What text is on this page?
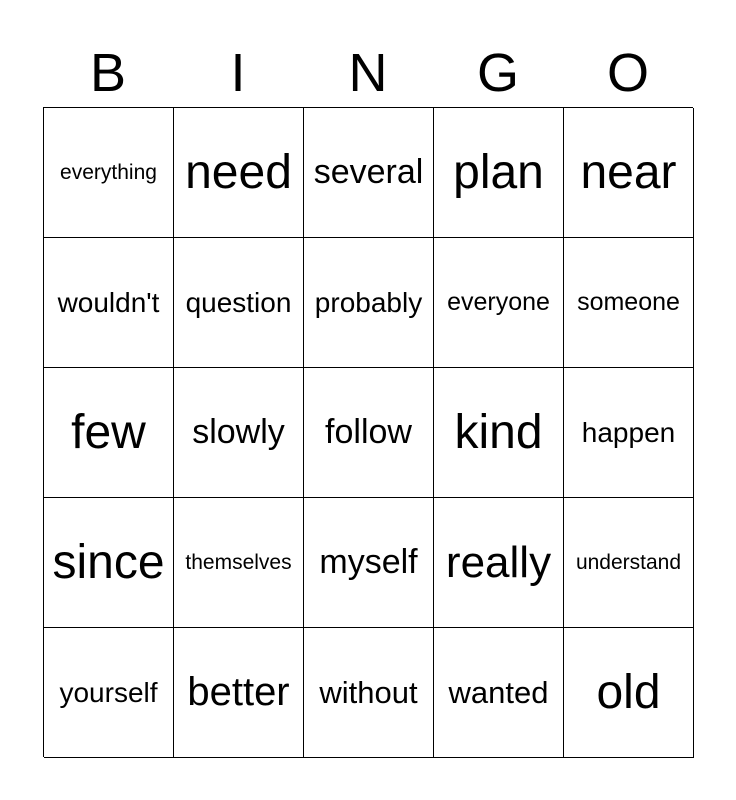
B	I	N	G	O
everything need several plan near
wouldn't question probably everyone	someone
few	slowly	follow kind	happen
since themselves myself really	understand
yourself better without wanted old
